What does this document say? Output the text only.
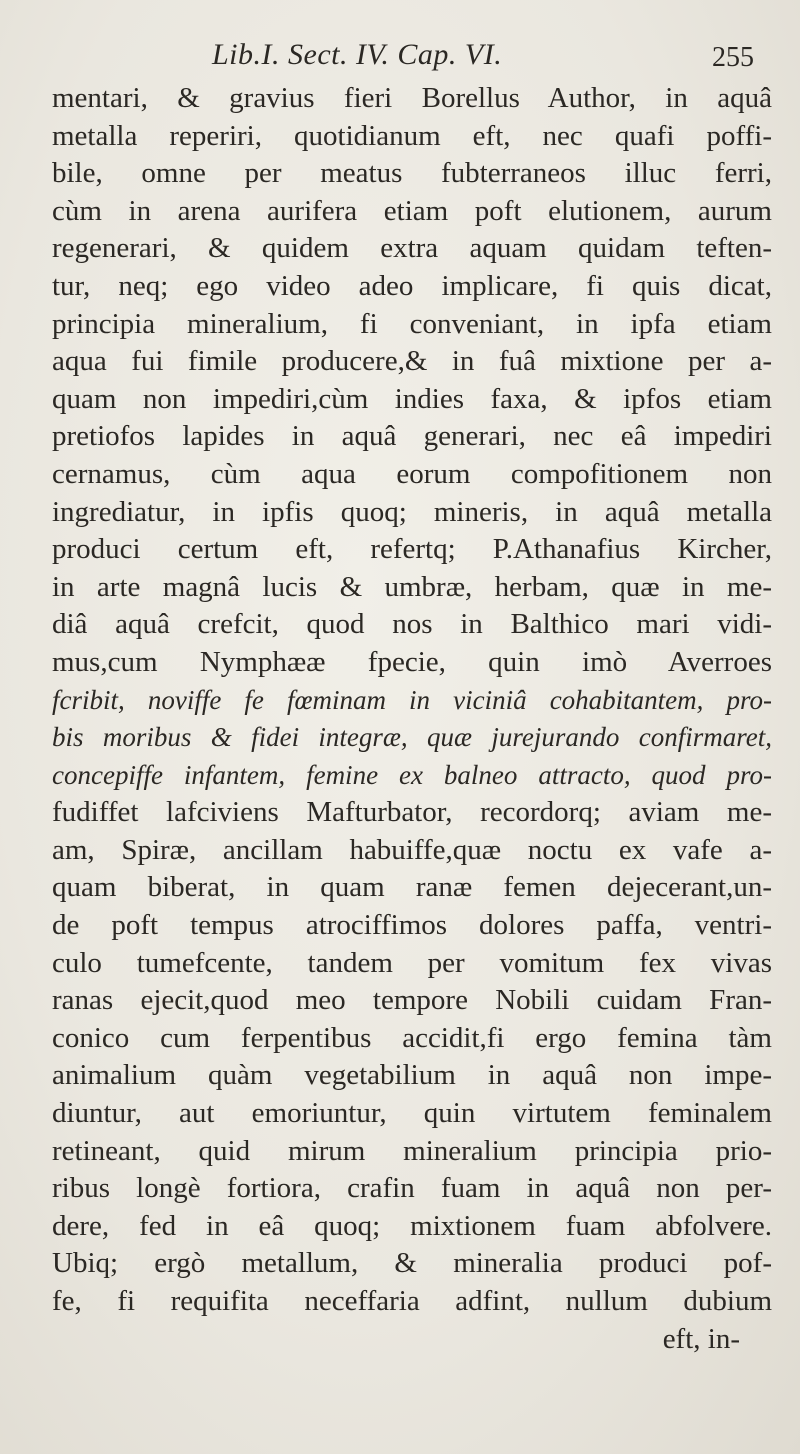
Lib.I. Sect. IV. Cap. VI.	255
mentari, & gravius fieri Borellus Author, in aquâ
metalla reperiri, quotidianum eft, nec quafi poffi-
bile, omne per meatus fubterraneos illuc ferri,
cùm in arena aurifera etiam poft elutionem, aurum
regenerari, & quidem extra aquam quidam teften-
tur, neq; ego video adeo implicare, fi quis dicat,
principia mineralium, fi conveniant, in ipfa etiam
aqua fui fimile producere,& in fuâ mixtione per a-
quam non impediri,cùm indies faxa, & ipfos etiam
pretiofos lapides in aquâ generari, nec eâ impediri
cernamus, cùm aqua eorum compofitionem non
ingrediatur, in ipfis quoq; mineris, in aquâ metalla
produci certum eft, refertq; P.Athanafius Kircher,
in arte magnâ lucis & umbræ, herbam, quæ in me-
diâ aquâ crefcit, quod nos in Balthico mari vidi-
mus,cum Nymphææ fpecie, quin imò Averroes
fcribit, noviffe fe fœminam in viciniâ cohabitantem, pro-
bis moribus & fidei integræ, quæ jurejurando confirmaret,
concepiffe infantem, femine ex balneo attracto, quod pro-
fudiffet lafciviens Mafturbator, recordorq; aviam me-
am, Spiræ, ancillam habuiffe,quæ noctu ex vafe a-
quam biberat, in quam ranæ femen dejecerant,un-
de poft tempus atrociffimos dolores paffa, ventri-
culo tumefcente, tandem per vomitum fex vivas
ranas ejecit,quod meo tempore Nobili cuidam Fran-
conico cum ferpentibus accidit,fi ergo femina tàm
animalium quàm vegetabilium in aquâ non impe-
diuntur, aut emoriuntur, quin virtutem feminalem
retineant, quid mirum mineralium principia prio-
ribus longè fortiora, crafin fuam in aquâ non per-
dere, fed in eâ quoq; mixtionem fuam abfolvere.
Ubiq; ergò metallum, & mineralia produci pof-
fe, fi requifita neceffaria adfint, nullum dubium
eft, in-
